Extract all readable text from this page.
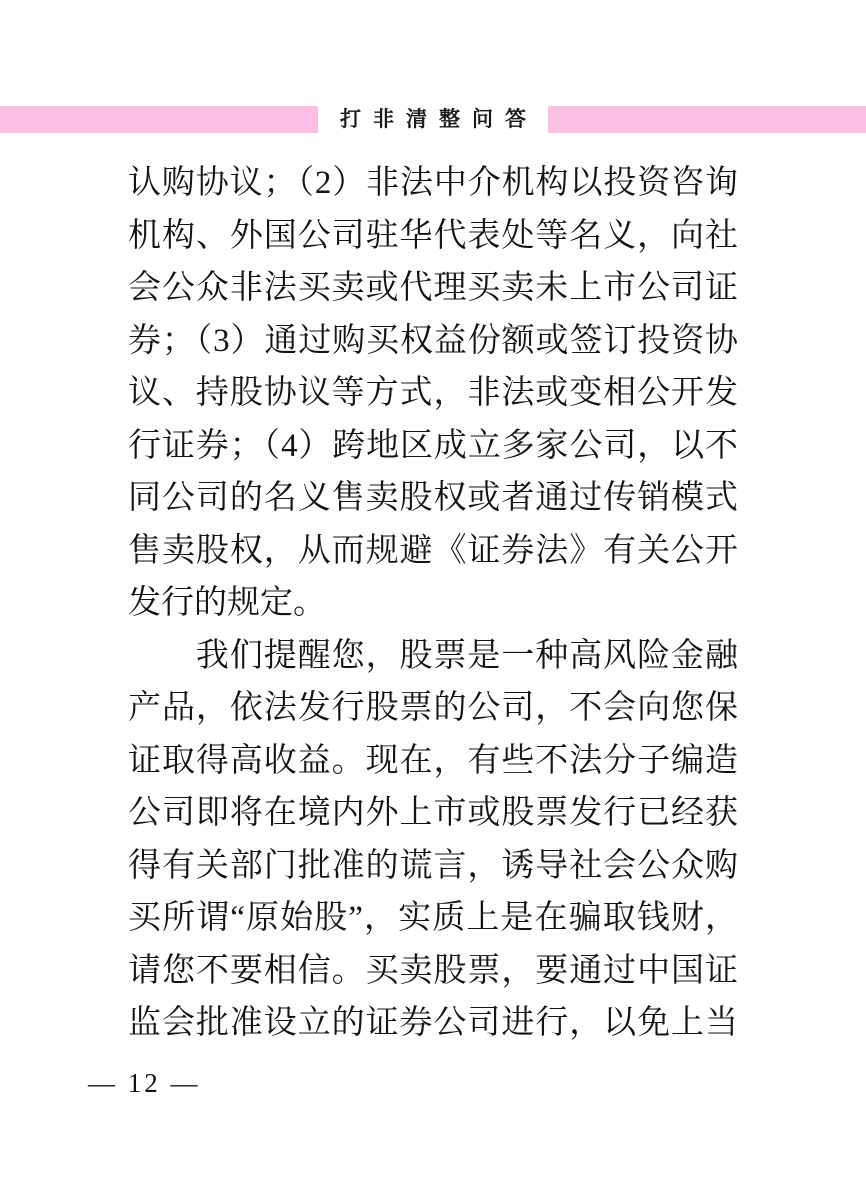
打非清整问答
认购协议；（2）非法中介机构以投资咨询
机构、外国公司驻华代表处等名义，向社
会公众非法买卖或代理买卖未上市公司证
券；（3）通过购买权益份额或签订投资协
议、持股协议等方式，非法或变相公开发
行证券；（4）跨地区成立多家公司，以不
同公司的名义售卖股权或者通过传销模式
售卖股权，从而规避《证券法》有关公开
发行的规定。
　　我们提醒您，股票是一种高风险金融
产品，依法发行股票的公司，不会向您保
证取得高收益。现在，有些不法分子编造
公司即将在境内外上市或股票发行已经获
得有关部门批准的谎言，诱导社会公众购
买所谓“原始股”，实质上是在骗取钱财，
请您不要相信。买卖股票，要通过中国证
监会批准设立的证券公司进行，以免上当
— 12 —
